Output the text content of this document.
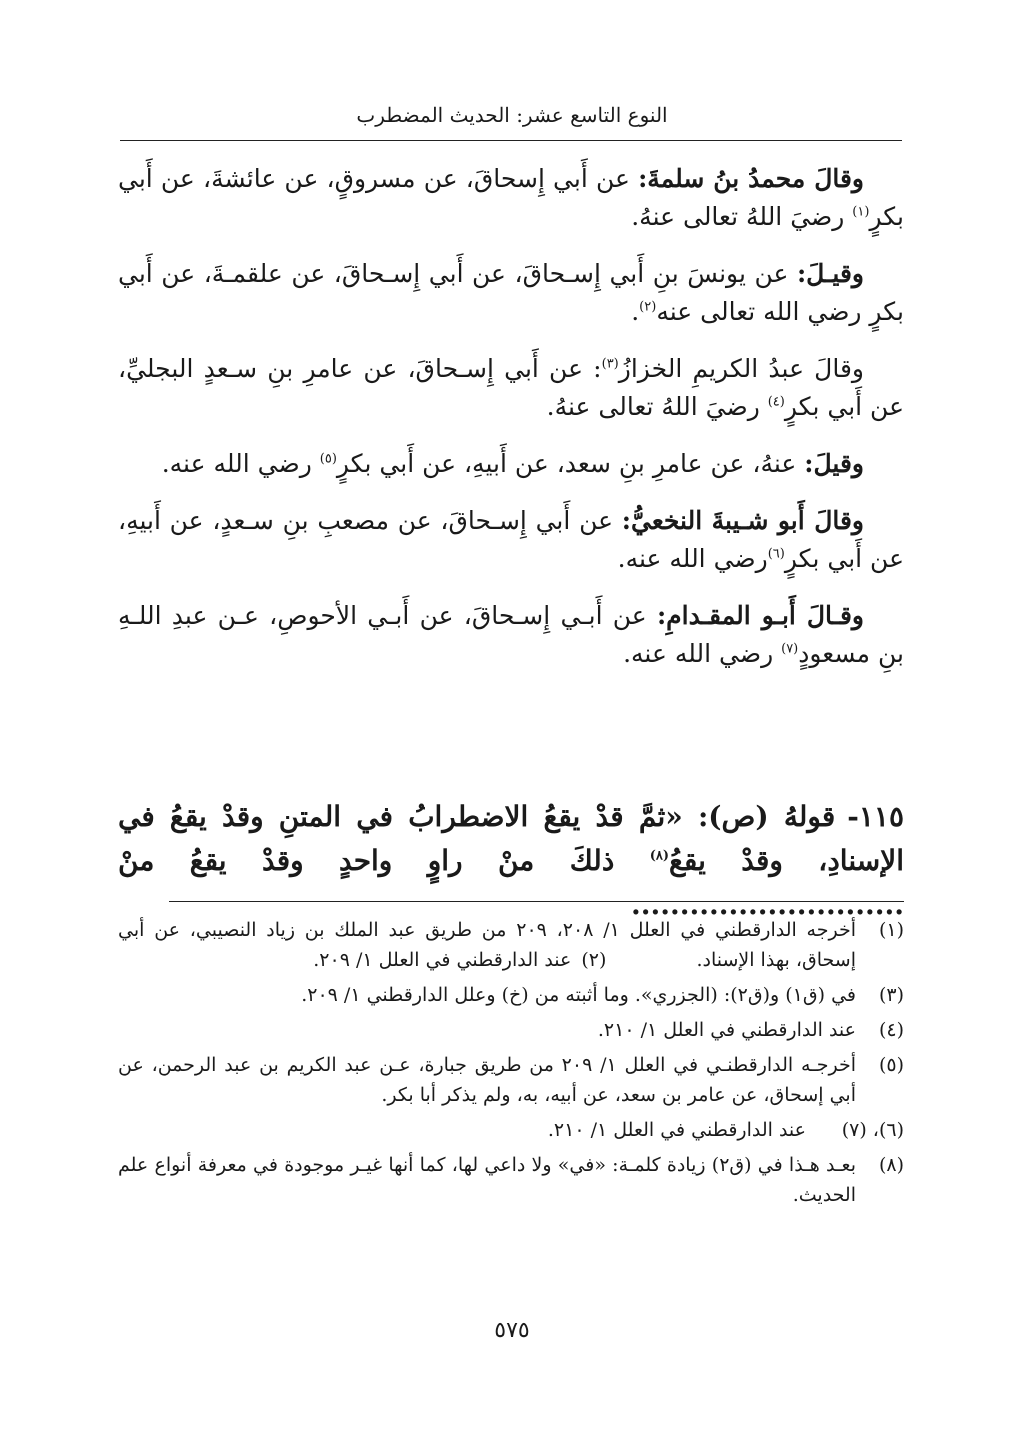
النوع التاسع عشر: الحديث المضطرب

وقالَ محمدُ بنُ سلمةَ: عن أَبي إِسحاقَ، عن مسروقٍ، عن عائشةَ، عن أَبي بكرٍ$^{(١)}$ رضيَ اللهُ تعالى عنهُ.

وقيـلَ: عن يونسَ بنِ أَبي إِسـحاقَ، عن أَبي إِسـحاقَ، عن علقمـةَ، عن أَبي بكرٍ رضي الله تعالى عنه$^{(٢)}$.

وقالَ عبدُ الكريمِ الخزازُ$^{(٣)}$: عن أَبي إِسـحاقَ، عن عامرِ بنِ سـعدٍ البجليِّ، عن أَبي بكرٍ$^{(٤)}$ رضيَ اللهُ تعالى عنهُ.

وقيلَ: عنهُ، عن عامرِ بنِ سعد، عن أَبيهِ، عن أَبي بكرٍ$^{(٥)}$ رضي الله عنه.

وقالَ أَبو شـيبةَ النخعيُّ: عن أَبي إِسـحاقَ، عن مصعبِ بنِ سـعدٍ، عن أَبيهِ، عن أَبي بكرٍ$^{(٦)}$رضي الله عنه.

وقـالَ أَبـو المقـدامِ: عن أَبـي إِسـحاقَ، عن أَبـي الأحوصِ، عـن عبدِ اللـهِ بنِ مسعودٍ$^{(٧)}$ رضي الله عنه.

١١٥-قولهُ (ص): «ثمَّ قدْ يقعُ الاضطرابُ في المتنِ وقدْ يقعُ في الإسنادِ، وقدْ يقعُ$^{(٨)}$ ذلكَ منْ راوٍ واحدٍ وقدْ يقعُ منْ ............................
(١)
أخرجه الدارقطني في العلل ١/ ٢٠٨، ٢٠٩ من طريق عبد الملك بن زياد النصيبي، عن أبي إسحاق، بهذا الإسناد.(٢)عند الدارقطني في العلل ١/ ٢٠٩.
(٣)
في (ق١) و(ق٢): (الجزري». وما أثبته من (خ) وعلل الدارقطني ١/ ٢٠٩.
(٤)
عند الدارقطني في العلل ١/ ٢١٠.
(٥)
أخرجـه الدارقطنـي في العلل ١/ ٢٠٩ من طريق جبارة، عـن عبد الكريم بن عبد الرحمن، عن أبي إسحاق، عن عامر بن سعد، عن أبيه، به، ولم يذكر أبا بكر.
(٦)، (٧)
عند الدارقطني في العلل ١/ ٢١٠.
(٨)
بعـد هـذا في (ق٢) زيادة كلمـة: «في» ولا داعي لها، كما أنها غيـر موجودة في معرفة أنواع علم الحديث.
٥٧٥
